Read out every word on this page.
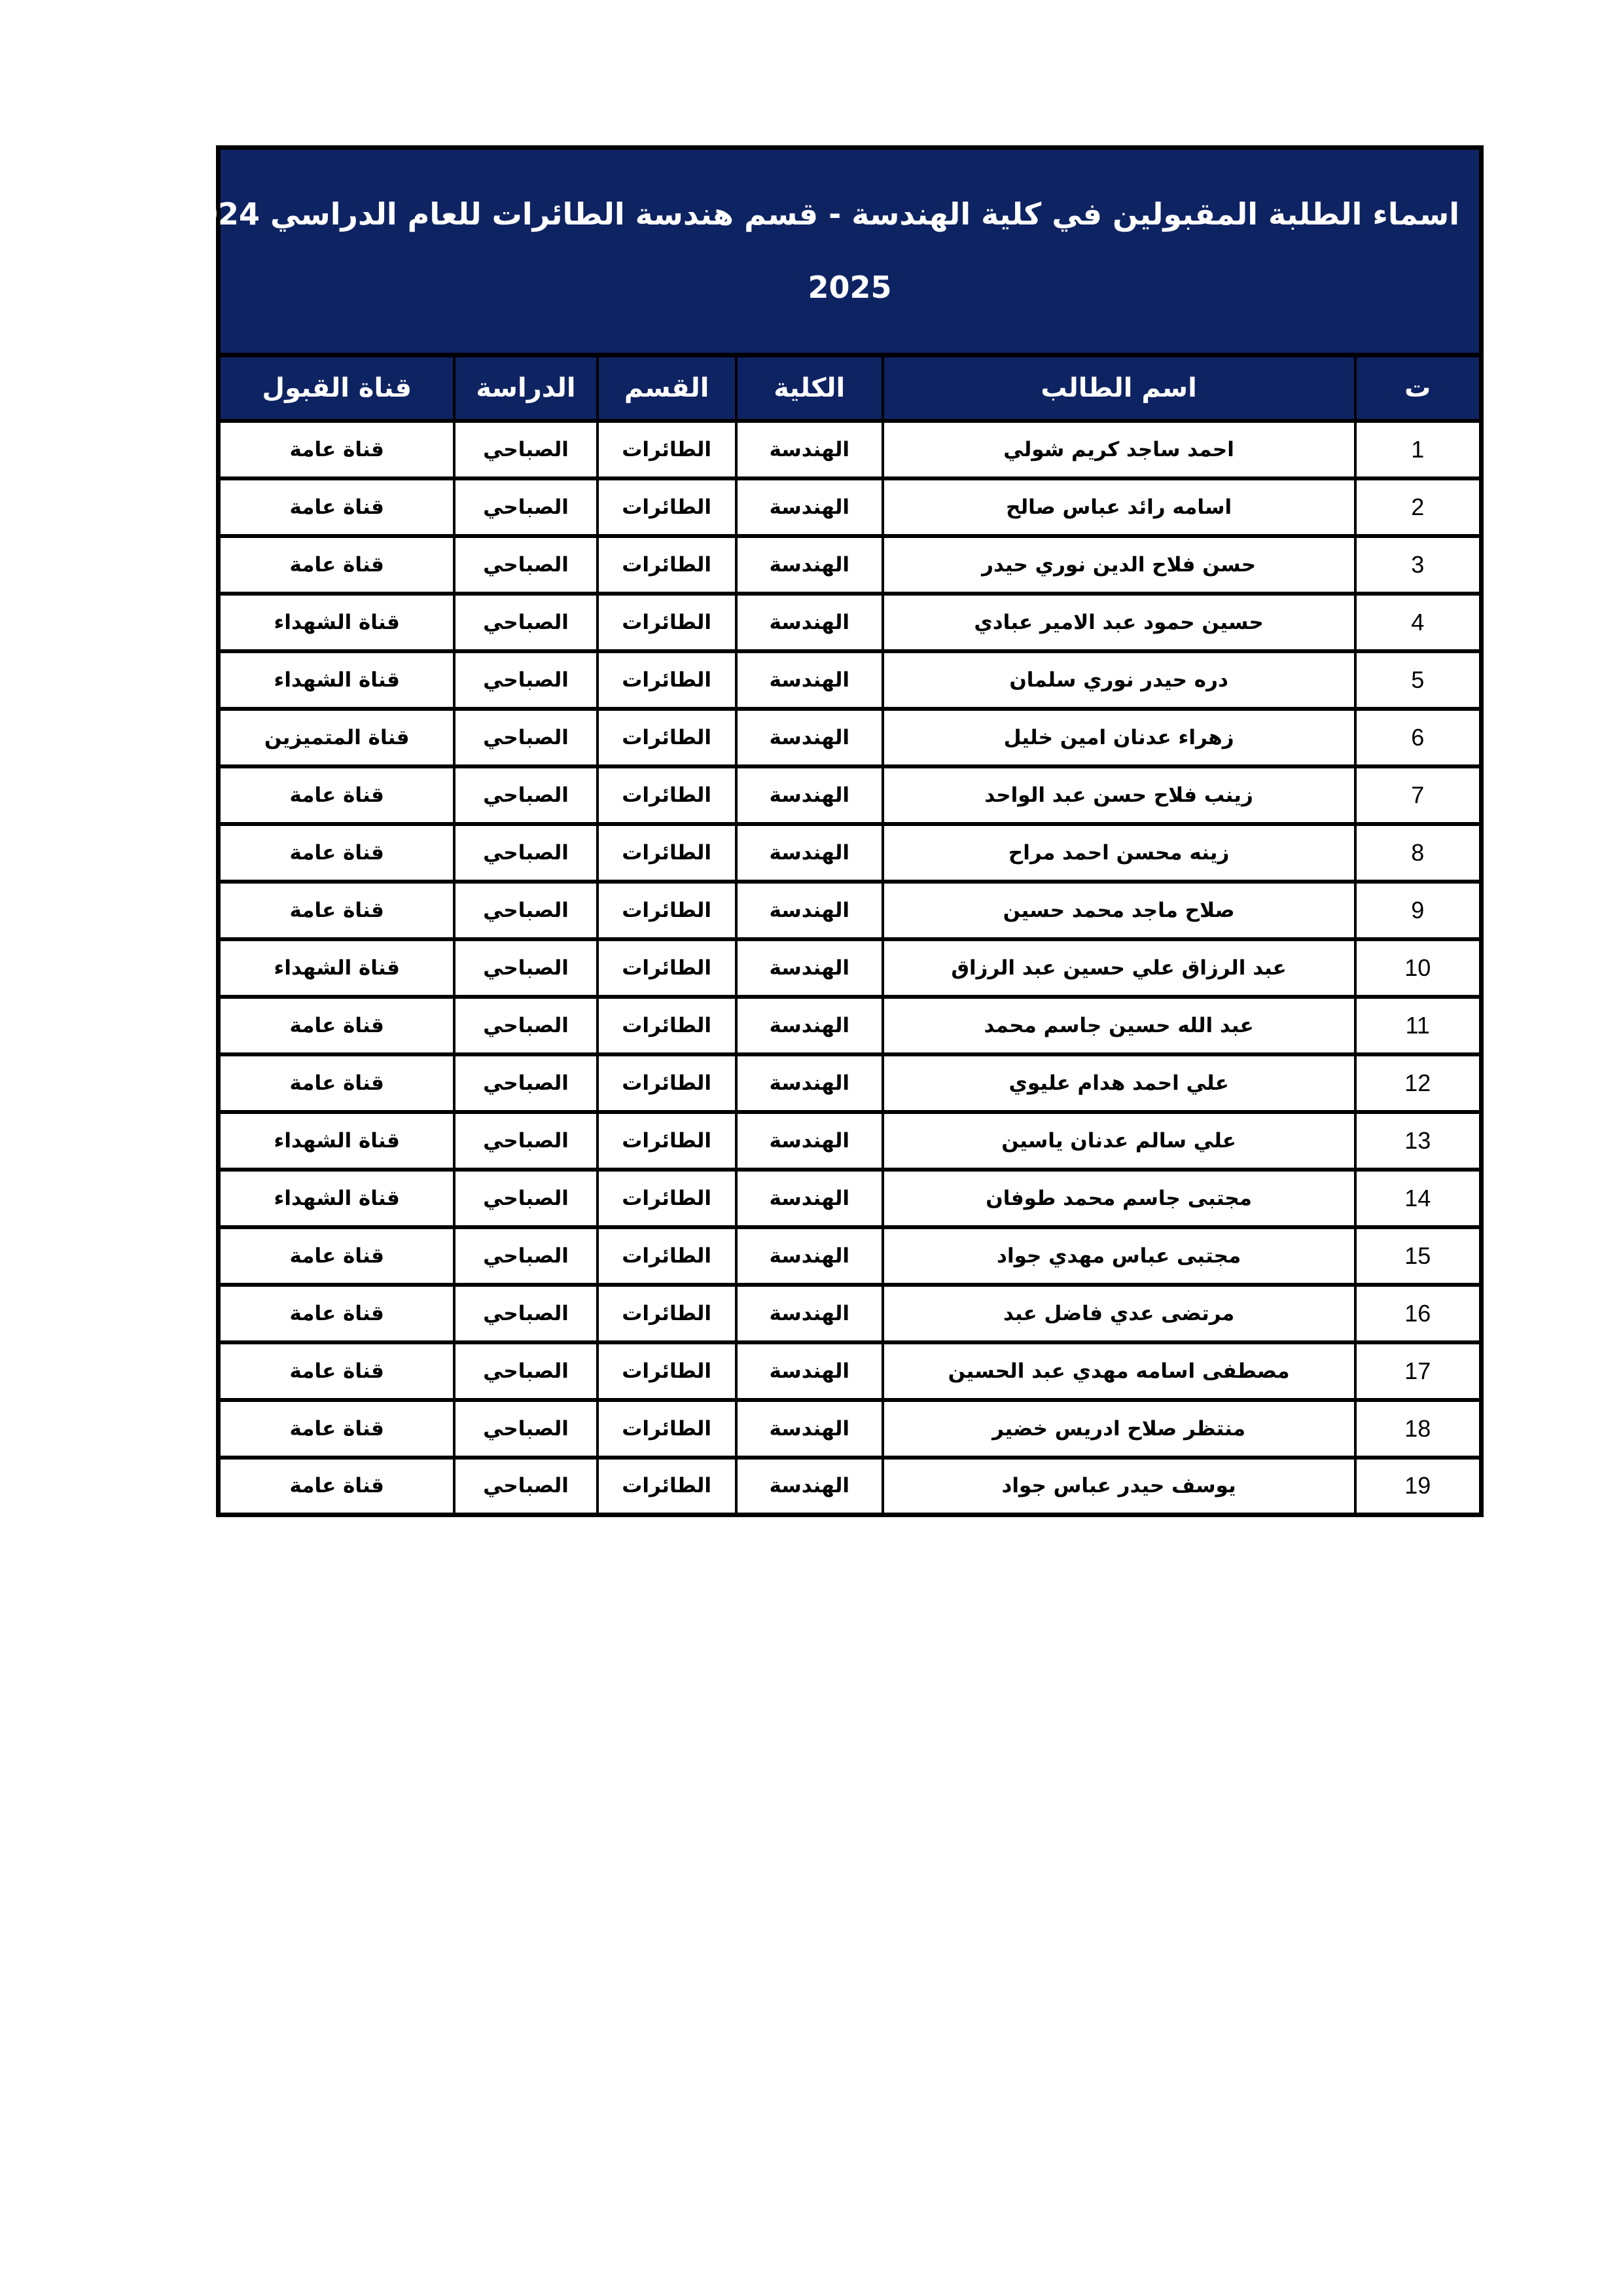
اسماء الطلبة المقبولين في كلية الهندسة - قسم هندسة الطائرات للعام الدراسي 2024-
2025
ت	اسم الطالب	الكلية	القسم	الدراسة	قناة القبول
1	احمد ساجد كريم شولي	الهندسة	الطائرات	الصباحي	قناة عامة
2	اسامه رائد عباس صالح	الهندسة	الطائرات	الصباحي	قناة عامة
3	حسن فلاح الدين نوري حيدر	الهندسة	الطائرات	الصباحي	قناة عامة
4	حسين حمود عبد الامير عبادي	الهندسة	الطائرات	الصباحي	قناة الشهداء
5	دره حيدر نوري سلمان	الهندسة	الطائرات	الصباحي	قناة الشهداء
6	زهراء عدنان امين خليل	الهندسة	الطائرات	الصباحي	قناة المتميزين
7	زينب فلاح حسن عبد الواحد	الهندسة	الطائرات	الصباحي	قناة عامة
8	زينه محسن احمد مراح	الهندسة	الطائرات	الصباحي	قناة عامة
9	صلاح ماجد محمد حسين	الهندسة	الطائرات	الصباحي	قناة عامة
10	عبد الرزاق علي حسين عبد الرزاق	الهندسة	الطائرات	الصباحي	قناة الشهداء
11	عبد الله حسين جاسم محمد	الهندسة	الطائرات	الصباحي	قناة عامة
12	علي احمد هدام عليوي	الهندسة	الطائرات	الصباحي	قناة عامة
13	علي سالم عدنان ياسين	الهندسة	الطائرات	الصباحي	قناة الشهداء
14	مجتبى جاسم محمد طوفان	الهندسة	الطائرات	الصباحي	قناة الشهداء
15	مجتبى عباس مهدي جواد	الهندسة	الطائرات	الصباحي	قناة عامة
16	مرتضى عدي فاضل عبد	الهندسة	الطائرات	الصباحي	قناة عامة
17	مصطفى اسامه مهدي عبد الحسين	الهندسة	الطائرات	الصباحي	قناة عامة
18	منتظر صلاح ادريس خضير	الهندسة	الطائرات	الصباحي	قناة عامة
19	يوسف حيدر عباس جواد	الهندسة	الطائرات	الصباحي	قناة عامة
